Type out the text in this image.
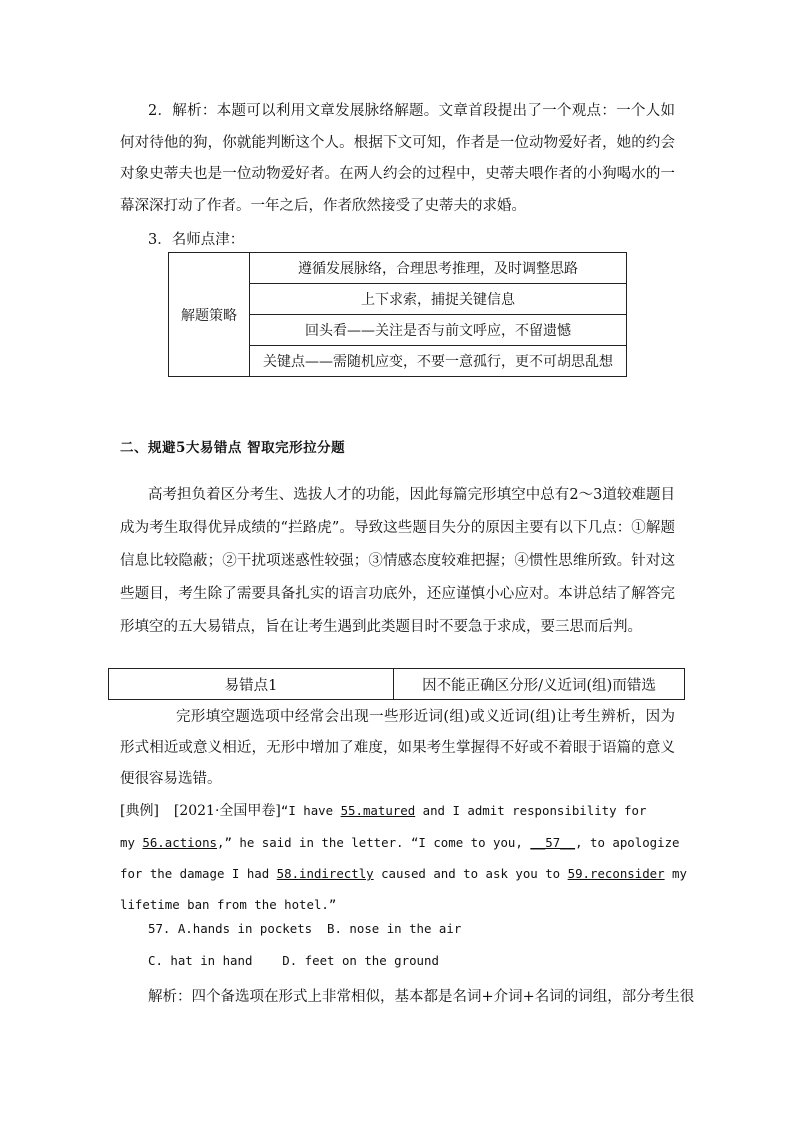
2．解析：本题可以利用文章发展脉络解题。文章首段提出了一个观点：一个人如何对待他的狗，你就能判断这个人。根据下文可知，作者是一位动物爱好者，她的约会对象史蒂夫也是一位动物爱好者。在两人约会的过程中，史蒂夫喂作者的小狗喝水的一幕深深打动了作者。一年之后，作者欣然接受了史蒂夫的求婚。
3．名师点津：
解题策略	遵循发展脉络，合理思考推理，及时调整思路
上下求索，捕捉关键信息
回头看——关注是否与前文呼应，不留遗憾
关键点——需随机应变，不要一意孤行，更不可胡思乱想
二、规避5大易错点 智取完形拉分题
高考担负着区分考生、选拔人才的功能，因此每篇完形填空中总有2～3道较难题目成为考生取得优异成绩的“拦路虎”。导致这些题目失分的原因主要有以下几点：①解题信息比较隐蔽；②干扰项迷惑性较强；③情感态度较难把握；④惯性思维所致。针对这些题目，考生除了需要具备扎实的语言功底外，还应谨慎小心应对。本讲总结了解答完形填空的五大易错点，旨在让考生遇到此类题目时不要急于求成，要三思而后判。
易错点1	因不能正确区分形/义近词(组)而错选
完形填空题选项中经常会出现一些形近词(组)或义近词(组)让考生辨析，因为形式相近或意义相近，无形中增加了难度，如果考生掌握得不好或不着眼于语篇的意义便很容易选错。
[典例] [2021·全国甲卷]“I have 55.matured and I admit responsibility for
my 56.actions,” he said in the letter. “I come to you, __57__, to apologize
for the damage I had 58.indirectly caused and to ask you to 59.reconsider my
lifetime ban from the hotel.”
57. A.hands in pockets  B. nose in the air
C. hat in hand    D. feet on the ground
解析：四个备选项在形式上非常相似，基本都是名词+介词+名词的词组，部分考生很
